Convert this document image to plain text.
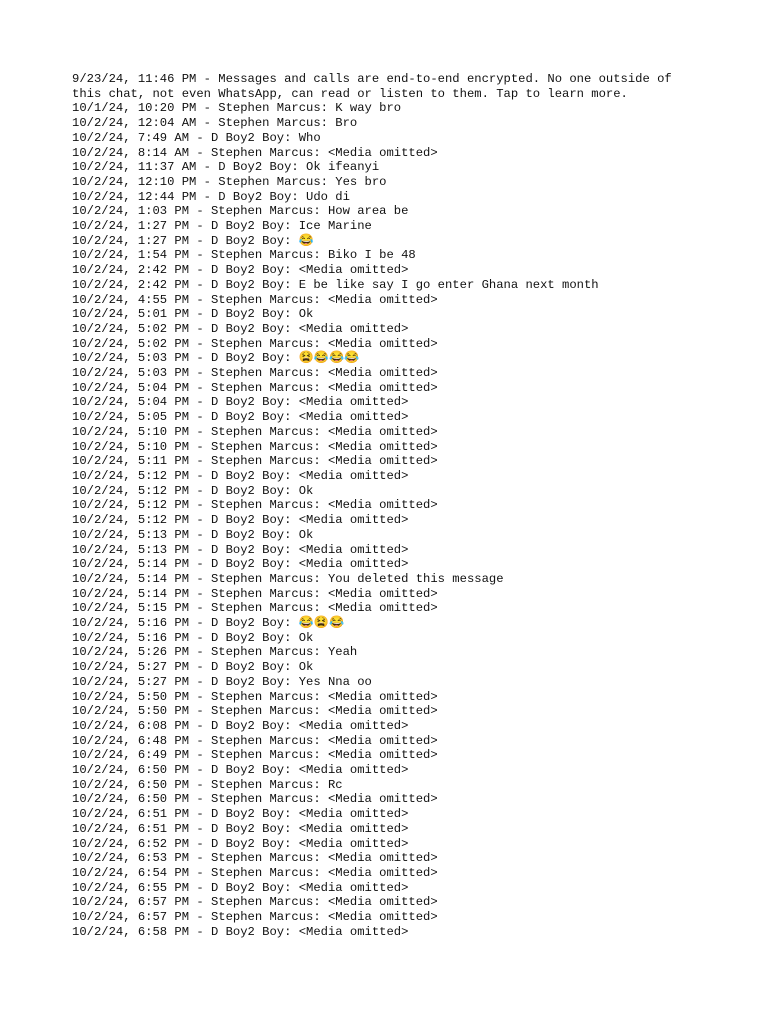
9/23/24, 11:46 PM - Messages and calls are end-to-end encrypted. No one outside of this chat, not even WhatsApp, can read or listen to them. Tap to learn more.
10/1/24, 10:20 PM - Stephen Marcus: K way bro
10/2/24, 12:04 AM - Stephen Marcus: Bro
10/2/24, 7:49 AM - D Boy2 Boy: Who
10/2/24, 8:14 AM - Stephen Marcus: <Media omitted>
10/2/24, 11:37 AM - D Boy2 Boy: Ok ifeanyi
10/2/24, 12:10 PM - Stephen Marcus: Yes bro
10/2/24, 12:44 PM - D Boy2 Boy: Udo di
10/2/24, 1:03 PM - Stephen Marcus: How area be
10/2/24, 1:27 PM - D Boy2 Boy: Ice Marine
10/2/24, 1:27 PM - D Boy2 Boy: 😂
10/2/24, 1:54 PM - Stephen Marcus: Biko I be 48
10/2/24, 2:42 PM - D Boy2 Boy: <Media omitted>
10/2/24, 2:42 PM - D Boy2 Boy: E be like say I go enter Ghana next month
10/2/24, 4:55 PM - Stephen Marcus: <Media omitted>
10/2/24, 5:01 PM - D Boy2 Boy: Ok
10/2/24, 5:02 PM - D Boy2 Boy: <Media omitted>
10/2/24, 5:02 PM - Stephen Marcus: <Media omitted>
10/2/24, 5:03 PM - D Boy2 Boy: 😫😂😂😂
10/2/24, 5:03 PM - Stephen Marcus: <Media omitted>
10/2/24, 5:04 PM - Stephen Marcus: <Media omitted>
10/2/24, 5:04 PM - D Boy2 Boy: <Media omitted>
10/2/24, 5:05 PM - D Boy2 Boy: <Media omitted>
10/2/24, 5:10 PM - Stephen Marcus: <Media omitted>
10/2/24, 5:10 PM - Stephen Marcus: <Media omitted>
10/2/24, 5:11 PM - Stephen Marcus: <Media omitted>
10/2/24, 5:12 PM - D Boy2 Boy: <Media omitted>
10/2/24, 5:12 PM - D Boy2 Boy: Ok
10/2/24, 5:12 PM - Stephen Marcus: <Media omitted>
10/2/24, 5:12 PM - D Boy2 Boy: <Media omitted>
10/2/24, 5:13 PM - D Boy2 Boy: Ok
10/2/24, 5:13 PM - D Boy2 Boy: <Media omitted>
10/2/24, 5:14 PM - D Boy2 Boy: <Media omitted>
10/2/24, 5:14 PM - Stephen Marcus: You deleted this message
10/2/24, 5:14 PM - Stephen Marcus: <Media omitted>
10/2/24, 5:15 PM - Stephen Marcus: <Media omitted>
10/2/24, 5:16 PM - D Boy2 Boy: 😂😫😂
10/2/24, 5:16 PM - D Boy2 Boy: Ok
10/2/24, 5:26 PM - Stephen Marcus: Yeah
10/2/24, 5:27 PM - D Boy2 Boy: Ok
10/2/24, 5:27 PM - D Boy2 Boy: Yes Nna oo
10/2/24, 5:50 PM - Stephen Marcus: <Media omitted>
10/2/24, 5:50 PM - Stephen Marcus: <Media omitted>
10/2/24, 6:08 PM - D Boy2 Boy: <Media omitted>
10/2/24, 6:48 PM - Stephen Marcus: <Media omitted>
10/2/24, 6:49 PM - Stephen Marcus: <Media omitted>
10/2/24, 6:50 PM - D Boy2 Boy: <Media omitted>
10/2/24, 6:50 PM - Stephen Marcus: Rc
10/2/24, 6:50 PM - Stephen Marcus: <Media omitted>
10/2/24, 6:51 PM - D Boy2 Boy: <Media omitted>
10/2/24, 6:51 PM - D Boy2 Boy: <Media omitted>
10/2/24, 6:52 PM - D Boy2 Boy: <Media omitted>
10/2/24, 6:53 PM - Stephen Marcus: <Media omitted>
10/2/24, 6:54 PM - Stephen Marcus: <Media omitted>
10/2/24, 6:55 PM - D Boy2 Boy: <Media omitted>
10/2/24, 6:57 PM - Stephen Marcus: <Media omitted>
10/2/24, 6:57 PM - Stephen Marcus: <Media omitted>
10/2/24, 6:58 PM - D Boy2 Boy: <Media omitted>
